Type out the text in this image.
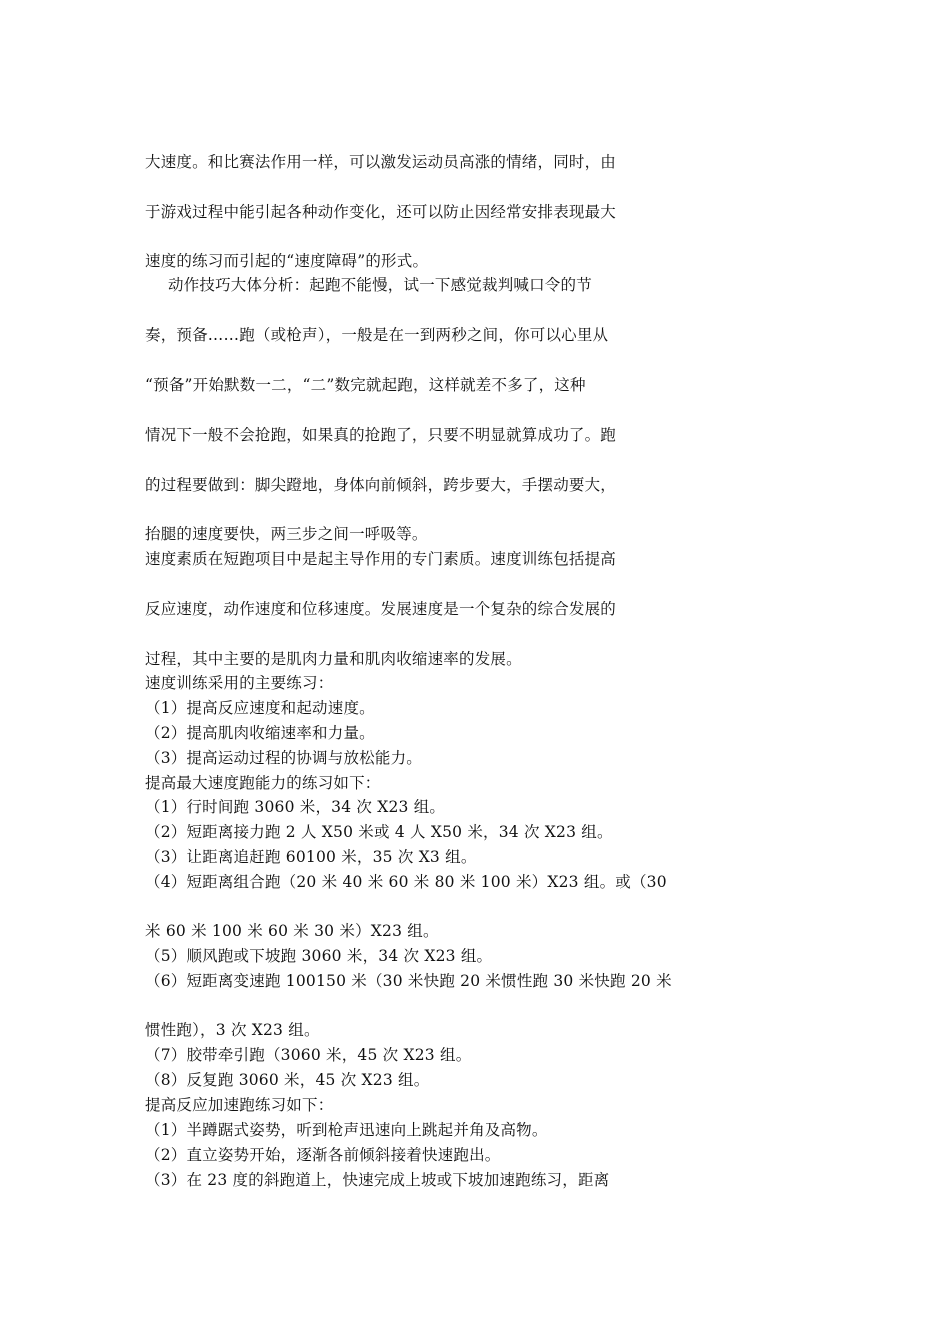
大速度。和比赛法作用一样，可以激发运动员高涨的情绪，同时，由
于游戏过程中能引起各种动作变化，还可以防止因经常安排表现最大
速度的练习而引起的“速度障碍”的形式。
动作技巧大体分析：起跑不能慢，试一下感觉裁判喊口令的节
奏，预备……跑（或枪声），一般是在一到两秒之间，你可以心里从
“预备”开始默数一二，“二”数完就起跑，这样就差不多了，这种
情况下一般不会抢跑，如果真的抢跑了，只要不明显就算成功了。跑
的过程要做到：脚尖蹬地，身体向前倾斜，跨步要大，手摆动要大，
抬腿的速度要快，两三步之间一呼吸等。
速度素质在短跑项目中是起主导作用的专门素质。速度训练包括提高
反应速度，动作速度和位移速度。发展速度是一个复杂的综合发展的
过程，其中主要的是肌肉力量和肌肉收缩速率的发展。
速度训练采用的主要练习：
（1）提高反应速度和起动速度。
（2）提高肌肉收缩速率和力量。
（3）提高运动过程的协调与放松能力。
提高最大速度跑能力的练习如下：
（1）行时间跑 3060 米，34 次 X23 组。
（2）短距离接力跑 2 人 X50 米或 4 人 X50 米，34 次 X23 组。
（3）让距离追赶跑 60100 米，35 次 X3 组。
（4）短距离组合跑（20 米 40 米 60 米 80 米 100 米）X23 组。或（30
米 60 米 100 米 60 米 30 米）X23 组。
（5）顺风跑或下坡跑 3060 米，34 次 X23 组。
（6）短距离变速跑 100150 米（30 米快跑 20 米惯性跑 30 米快跑 20 米
惯性跑），3 次 X23 组。
（7）胶带牵引跑（3060 米，45 次 X23 组。
（8）反复跑 3060 米，45 次 X23 组。
提高反应加速跑练习如下：
（1）半蹲踞式姿势，听到枪声迅速向上跳起并角及高物。
（2）直立姿势开始，逐渐各前倾斜接着快速跑出。
（3）在 23 度的斜跑道上，快速完成上坡或下坡加速跑练习，距离
